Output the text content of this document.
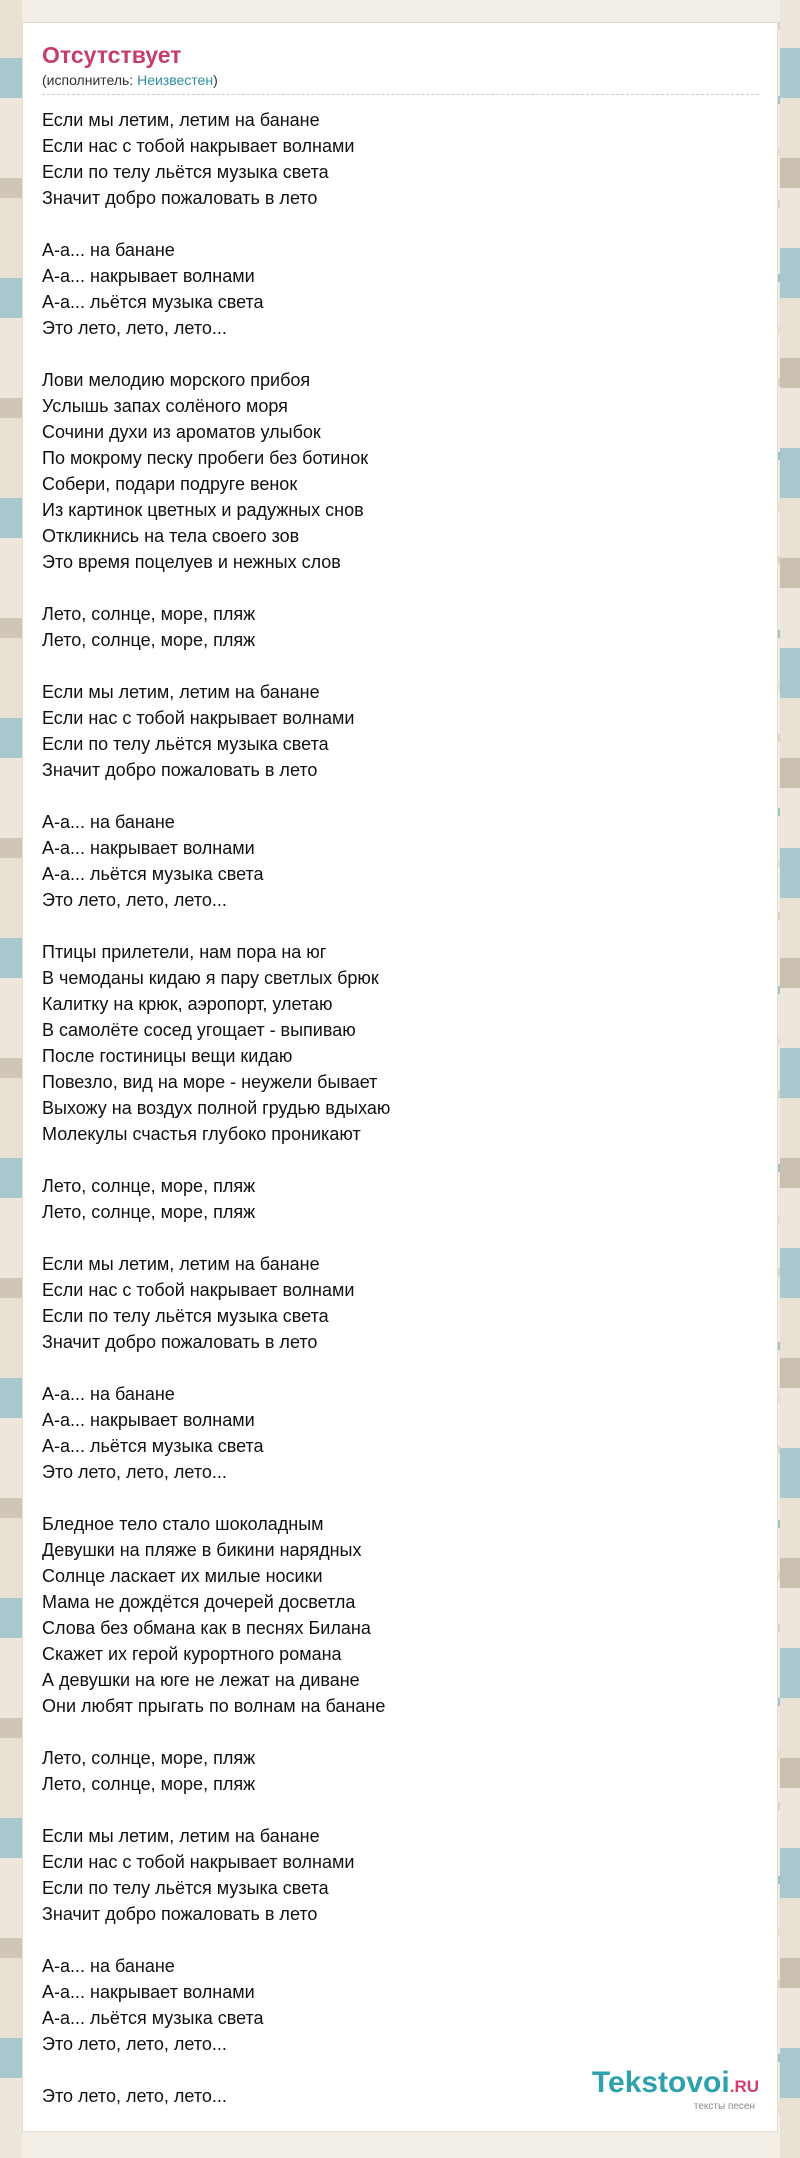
Отсутствует
(исполнитель: Неизвестен)
Если мы летим, летим на банане
Если нас с тобой накрывает волнами
Если по телу льётся музыка света
Значит добро пожаловать в лето
А-а... на банане
А-а... накрывает волнами
А-а... льётся музыка света
Это лето, лето, лето...
Лови мелодию морского прибоя
Услышь запах солёного моря
Сочини духи из ароматов улыбок
По мокрому песку пробеги без ботинок
Собери, подари подруге венок
Из картинок цветных и радужных снов
Откликнись на тела своего зов
Это время поцелуев и нежных слов
Лето, солнце, море, пляж
Лето, солнце, море, пляж
Если мы летим, летим на банане
Если нас с тобой накрывает волнами
Если по телу льётся музыка света
Значит добро пожаловать в лето
А-а... на банане
А-а... накрывает волнами
А-а... льётся музыка света
Это лето, лето, лето...
Птицы прилетели, нам пора на юг
В чемоданы кидаю я пару светлых брюк
Калитку на крюк, аэропорт, улетаю
В самолёте сосед угощает - выпиваю
После гостиницы вещи кидаю
Повезло, вид на море - неужели бывает
Выхожу на воздух полной грудью вдыхаю
Молекулы счастья глубоко проникают
Лето, солнце, море, пляж
Лето, солнце, море, пляж
Если мы летим, летим на банане
Если нас с тобой накрывает волнами
Если по телу льётся музыка света
Значит добро пожаловать в лето
А-а... на банане
А-а... накрывает волнами
А-а... льётся музыка света
Это лето, лето, лето...
Бледное тело стало шоколадным
Девушки на пляже в бикини нарядных
Солнце ласкает их милые носики
Мама не дождётся дочерей досветла
Слова без обмана как в песнях Билана
Скажет их герой курортного романа
А девушки на юге не лежат на диване
Они любят прыгать по волнам на банане
Лето, солнце, море, пляж
Лето, солнце, море, пляж
Если мы летим, летим на банане
Если нас с тобой накрывает волнами
Если по телу льётся музыка света
Значит добро пожаловать в лето
А-а... на банане
А-а... накрывает волнами
А-а... льётся музыка света
Это лето, лето, лето...
Это лето, лето, лето...	Tekstovoi.RU
тексты песен
